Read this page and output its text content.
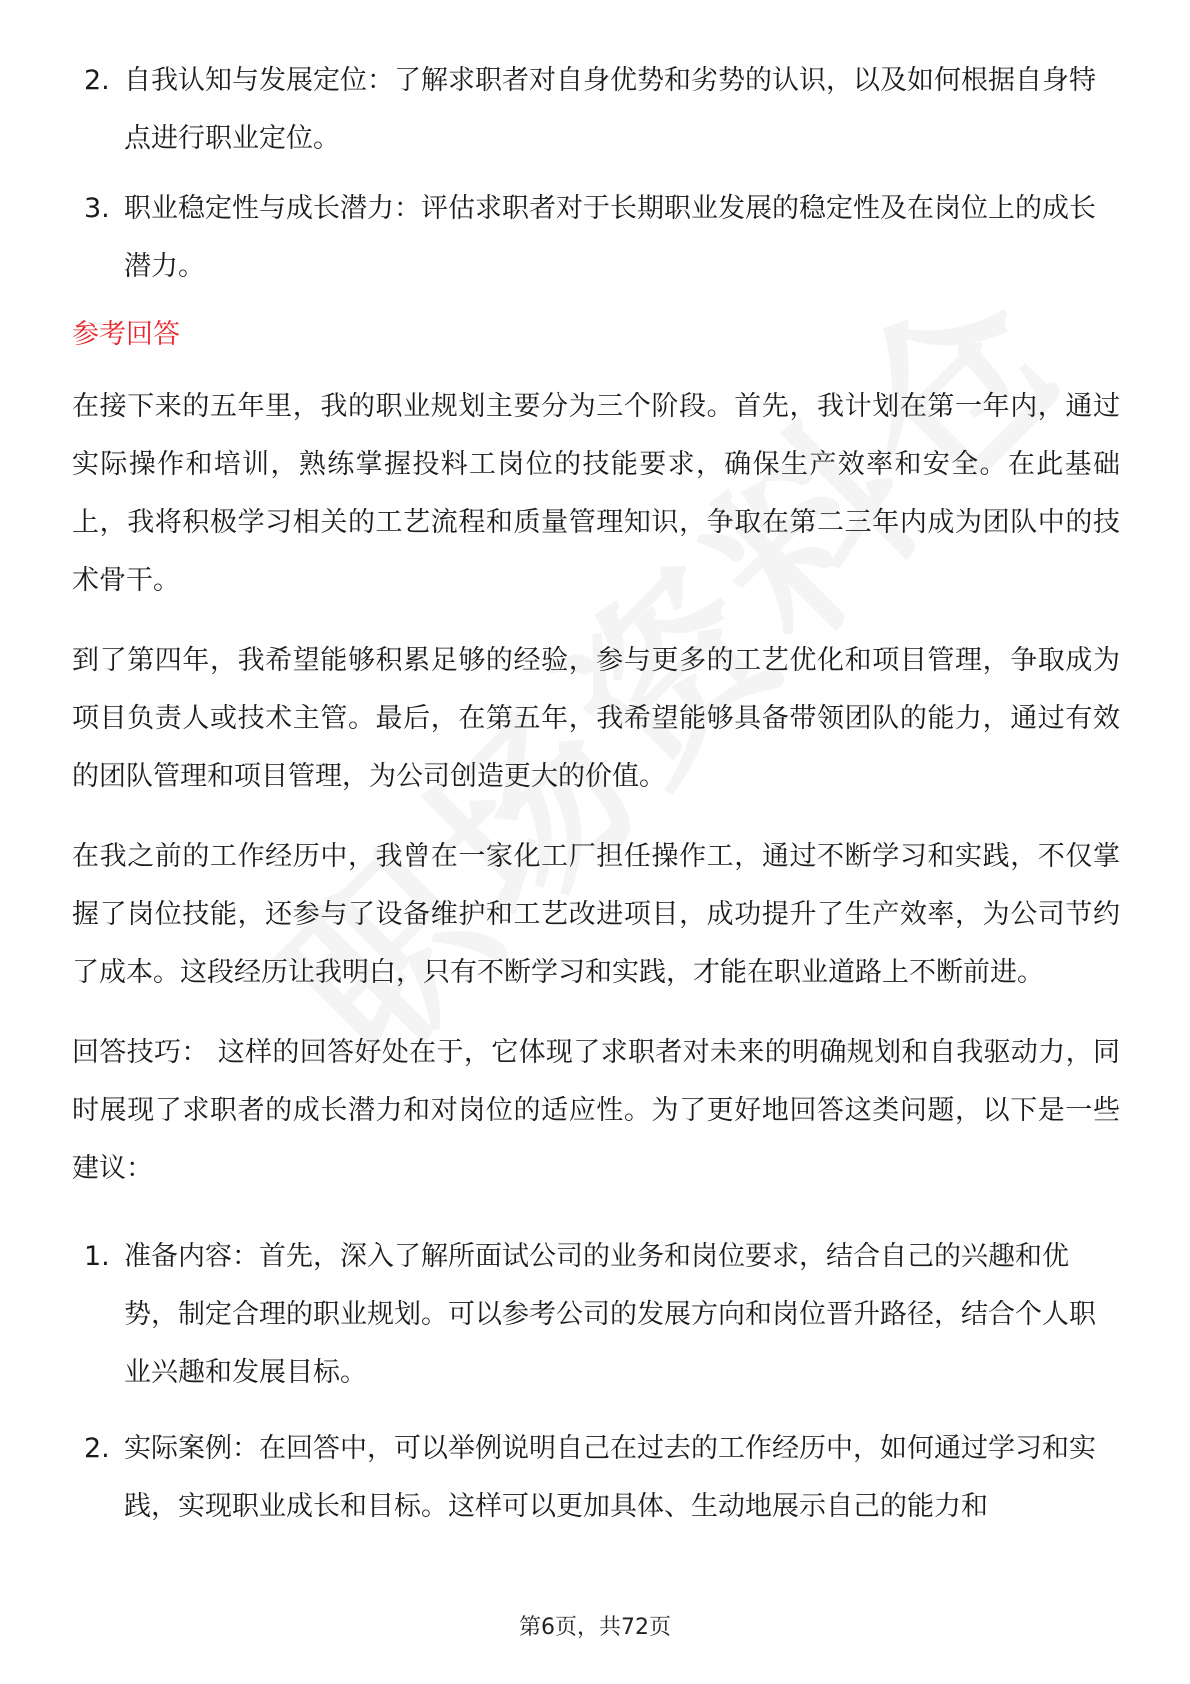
2. 自我认知与发展定位：了解求职者对自身优势和劣势的认识，以及如何根据自身特点进行职业定位。
3. 职业稳定性与成长潜力：评估求职者对于长期职业发展的稳定性及在岗位上的成长潜力。
参考回答

在接下来的五年里，我的职业规划主要分为三个阶段。首先，我计划在第一年内，通过实际操作和培训，熟练掌握投料工岗位的技能要求，确保生产效率和安全。在此基础上，我将积极学习相关的工艺流程和质量管理知识，争取在第二三年内成为团队中的技术骨干。

到了第四年，我希望能够积累足够的经验，参与更多的工艺优化和项目管理，争取成为项目负责人或技术主管。最后，在第五年，我希望能够具备带领团队的能力，通过有效的团队管理和项目管理，为公司创造更大的价值。

在我之前的工作经历中，我曾在一家化工厂担任操作工，通过不断学习和实践，不仅掌握了岗位技能，还参与了设备维护和工艺改进项目，成功提升了生产效率，为公司节约了成本。这段经历让我明白，只有不断学习和实践，才能在职业道路上不断前进。

回答技巧： 这样的回答好处在于，它体现了求职者对未来的明确规划和自我驱动力，同时展现了求职者的成长潜力和对岗位的适应性。为了更好地回答这类问题，以下是一些建议：

1. 准备内容：首先，深入了解所面试公司的业务和岗位要求，结合自己的兴趣和优势，制定合理的职业规划。可以参考公司的发展方向和岗位晋升路径，结合个人职业兴趣和发展目标。
2. 实际案例：在回答中，可以举例说明自己在过去的工作经历中，如何通过学习和实践，实现职业成长和目标。这样可以更加具体、生动地展示自己的能力和
第6页，共72页
